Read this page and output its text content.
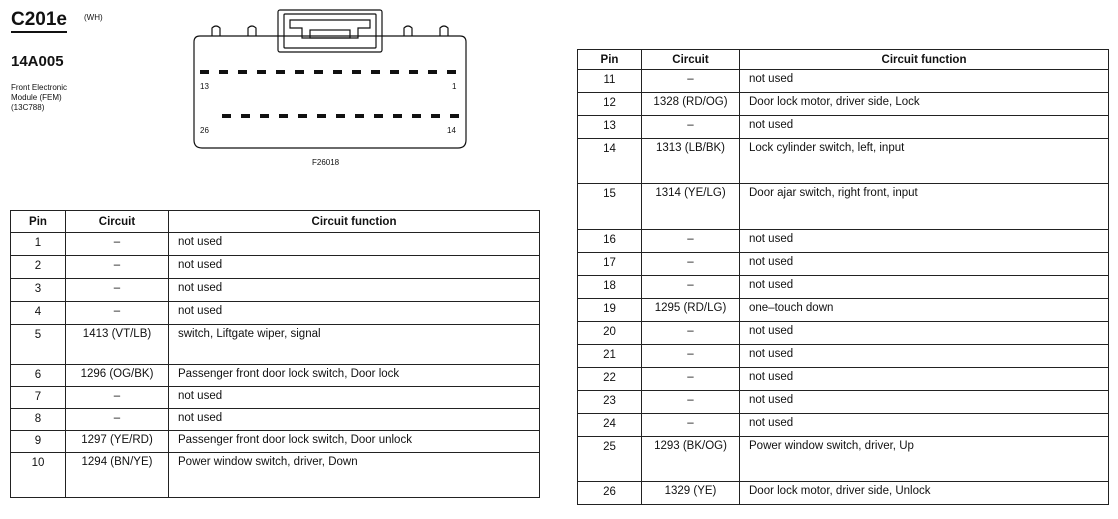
C201e (WH)
14A005
Front Electronic
Module (FEM)
(13C788)
13	1
26	14
F26018
Pin	Circuit	Circuit function
1	–	not used
2	–	not used
3	–	not used
4	–	not used
5	1413 (VT/LB)	switch, Liftgate wiper, signal
6	1296 (OG/BK)	Passenger front door lock switch, Door lock
7	–	not used
8	–	not used
9	1297 (YE/RD)	Passenger front door lock switch, Door unlock
10	1294 (BN/YE)	Power window switch, driver, Down
Pin	Circuit	Circuit function
11	–	not used
12	1328 (RD/OG)	Door lock motor, driver side, Lock
13	–	not used
14	1313 (LB/BK)	Lock cylinder switch, left, input
15	1314 (YE/LG)	Door ajar switch, right front, input
16	–	not used
17	–	not used
18	–	not used
19	1295 (RD/LG)	one–touch down
20	–	not used
21	–	not used
22	–	not used
23	–	not used
24	–	not used
25	1293 (BK/OG)	Power window switch, driver, Up
26	1329 (YE)	Door lock motor, driver side, Unlock
